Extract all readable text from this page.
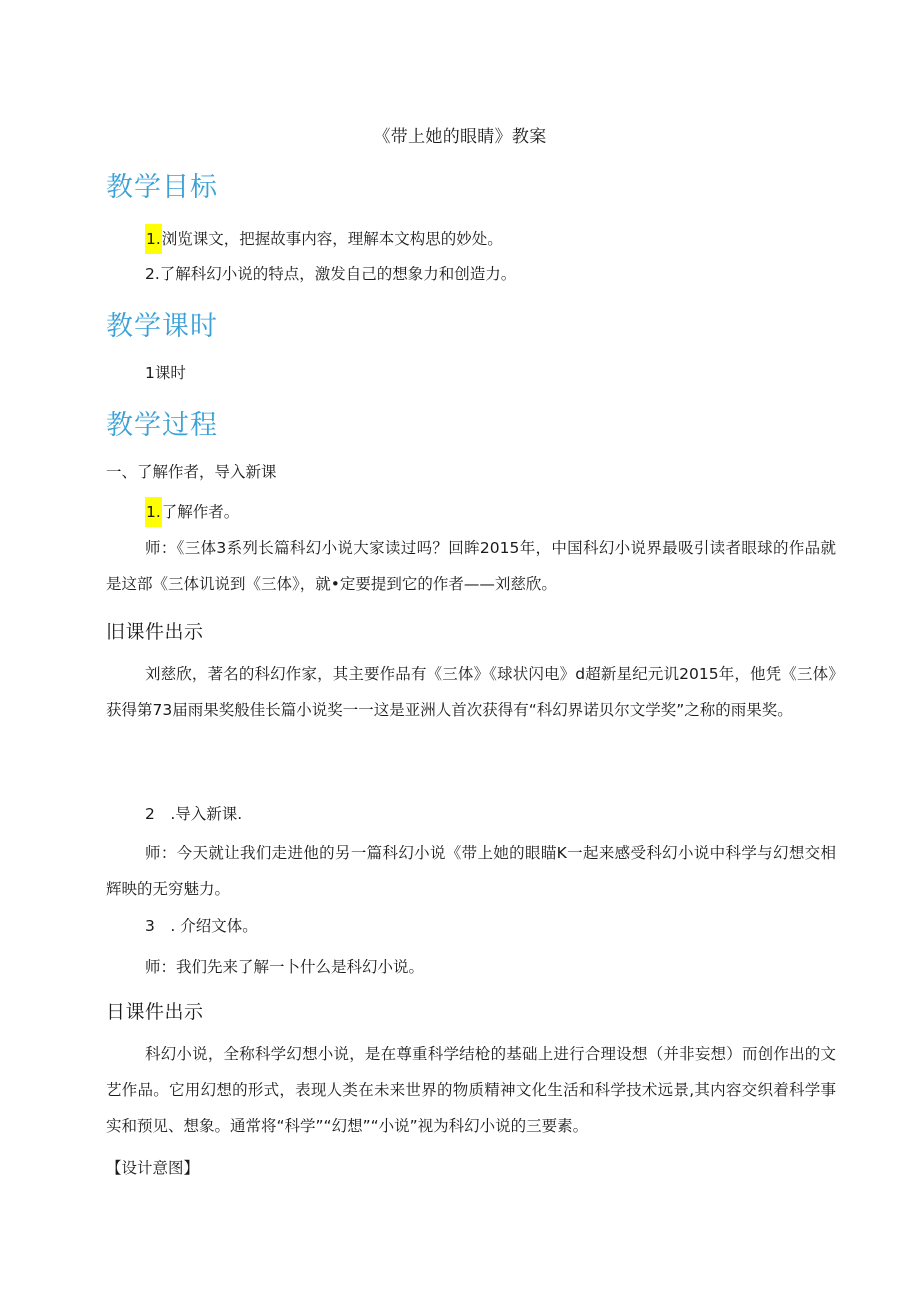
《带上她的眼睛》教案
教学目标
1.浏览课文，把握故事内容，理解本文构思的妙处。
2.了解科幻小说的特点，激发自己的想象力和创造力。
教学课时
1课时
教学过程
一、了解作者，导入新课
1.了解作者。

师：《三体3系列长篇科幻小说大家读过吗？回眸2015年，中国科幻小说界最吸引读者眼球的作品就是这部《三体讥说到《三体》，就•定要提到它的作者——刘慈欣。

旧课件出示

刘慈欣，著名的科幻作家，其主要作品有《三体》《球状闪电》d超新星纪元讥2015年，他凭《三体》获得第73届雨果奖般佳长篇小说奖一一这是亚洲人首次获得有“科幻界诺贝尔文学奖”之称的雨果奖。

2　.导入新课.

师：今天就让我们走进他的另一篇科幻小说《带上她的眼瞄K一起来感受科幻小说中科学与幻想交相辉映的无穷魅力。

3　. 介绍文体。
师：我们先来了解一卜什么是科幻小说。
日课件出示

科幻小说，全称科学幻想小说，是在尊重科学结枪的基础上进行合理设想（并非妄想）而创作出的文艺作品。它用幻想的形式，表现人类在未来世界的物质精神文化生活和科学技术远景,其内容交织着科学事实和预见、想象。通常将“科学”“幻想”“小说”视为科幻小说的三要素。

【设计意图】
